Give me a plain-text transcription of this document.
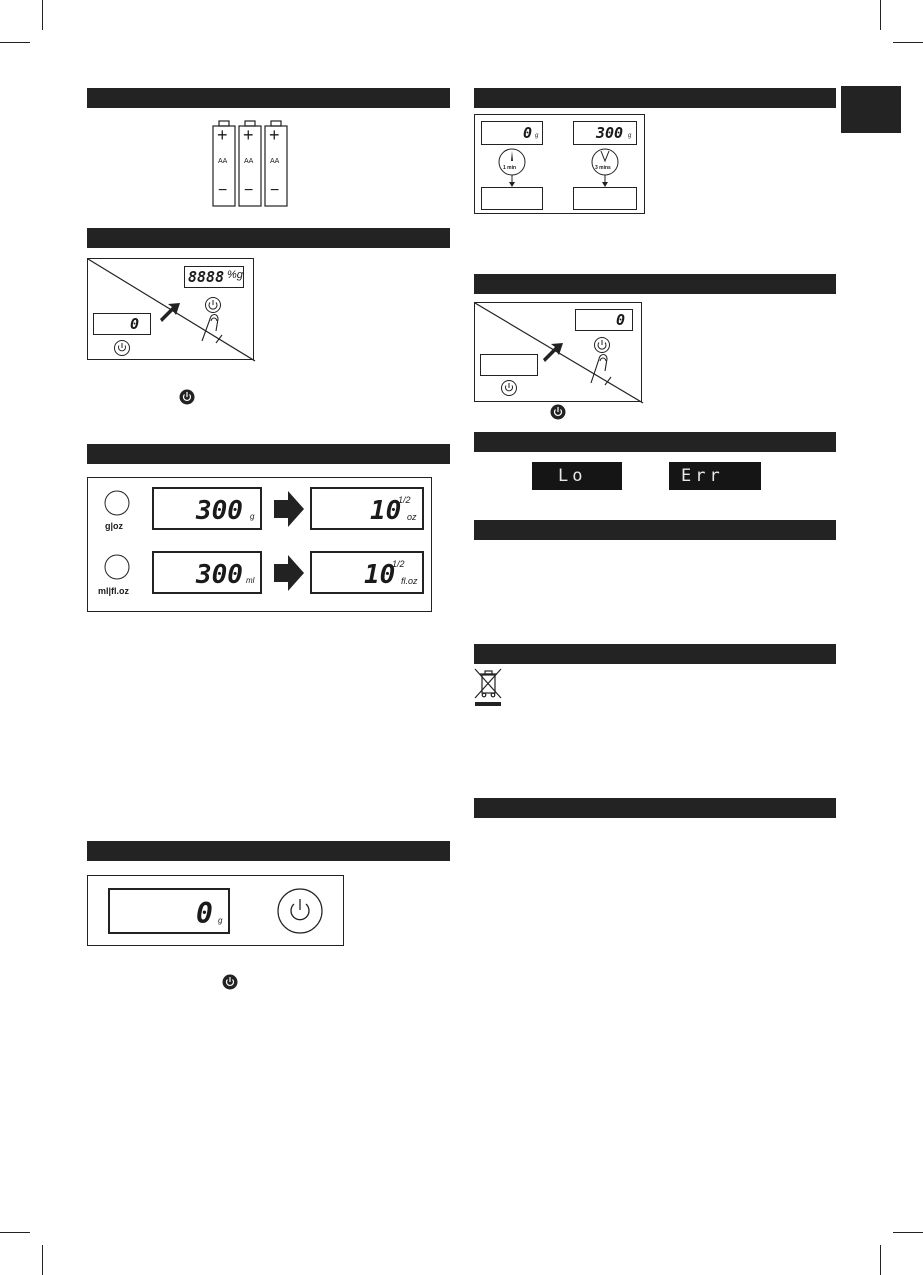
+ + +
AA AA AA
− − −
8888 %g
0
g|oz
ml|fl.oz
300 g	10
1/2
oz
300 ml	10
1/2
fl.oz
0 g
0 g	300 g
1 min	3 mins
0
Lo	Err
